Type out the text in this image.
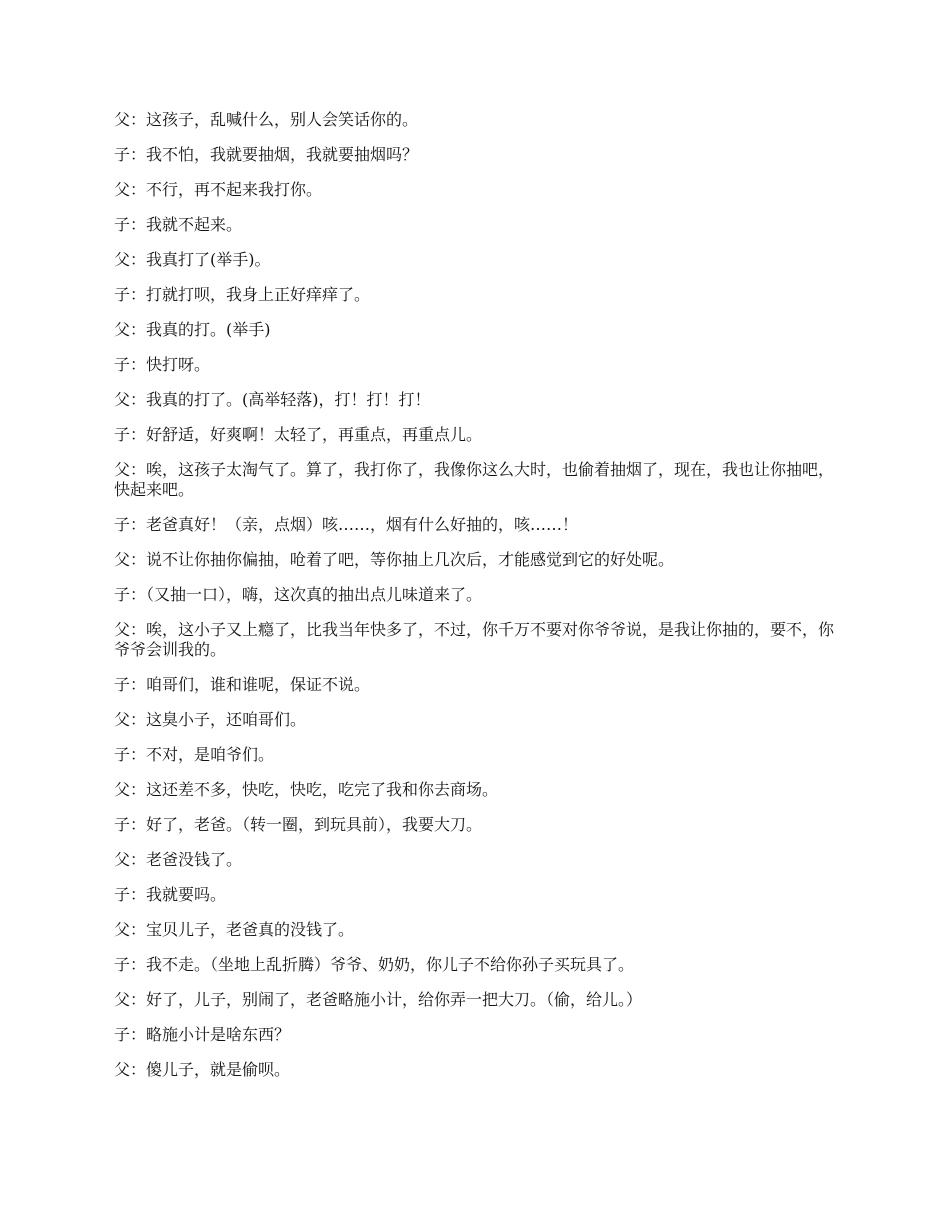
父：这孩子，乱喊什么，别人会笑话你的。

子：我不怕，我就要抽烟，我就要抽烟吗？

父：不行，再不起来我打你。

子：我就不起来。

父：我真打了(举手)。

子：打就打呗，我身上正好痒痒了。

父：我真的打。(举手)

子：快打呀。

父：我真的打了。(高举轻落)，打！打！打！

子：好舒适，好爽啊！太轻了，再重点，再重点儿。

父：唉，这孩子太淘气了。算了，我打你了，我像你这么大时，也偷着抽烟了，现在，我也让你抽吧，快起来吧。

子：老爸真好！（亲，点烟）咳……，烟有什么好抽的，咳……！

父：说不让你抽你偏抽，呛着了吧，等你抽上几次后，才能感觉到它的好处呢。

子：（又抽一口），嗨，这次真的抽出点儿味道来了。

父：唉，这小子又上瘾了，比我当年快多了，不过，你千万不要对你爷爷说，是我让你抽的，要不，你爷爷会训我的。

子：咱哥们，谁和谁呢，保证不说。

父：这臭小子，还咱哥们。

子：不对，是咱爷们。

父：这还差不多，快吃，快吃，吃完了我和你去商场。

子：好了，老爸。（转一圈，到玩具前），我要大刀。

父：老爸没钱了。

子：我就要吗。

父：宝贝儿子，老爸真的没钱了。

子：我不走。（坐地上乱折腾）爷爷、奶奶，你儿子不给你孙子买玩具了。

父：好了，儿子，别闹了，老爸略施小计，给你弄一把大刀。（偷，给儿。）

子：略施小计是啥东西？

父：傻儿子，就是偷呗。
